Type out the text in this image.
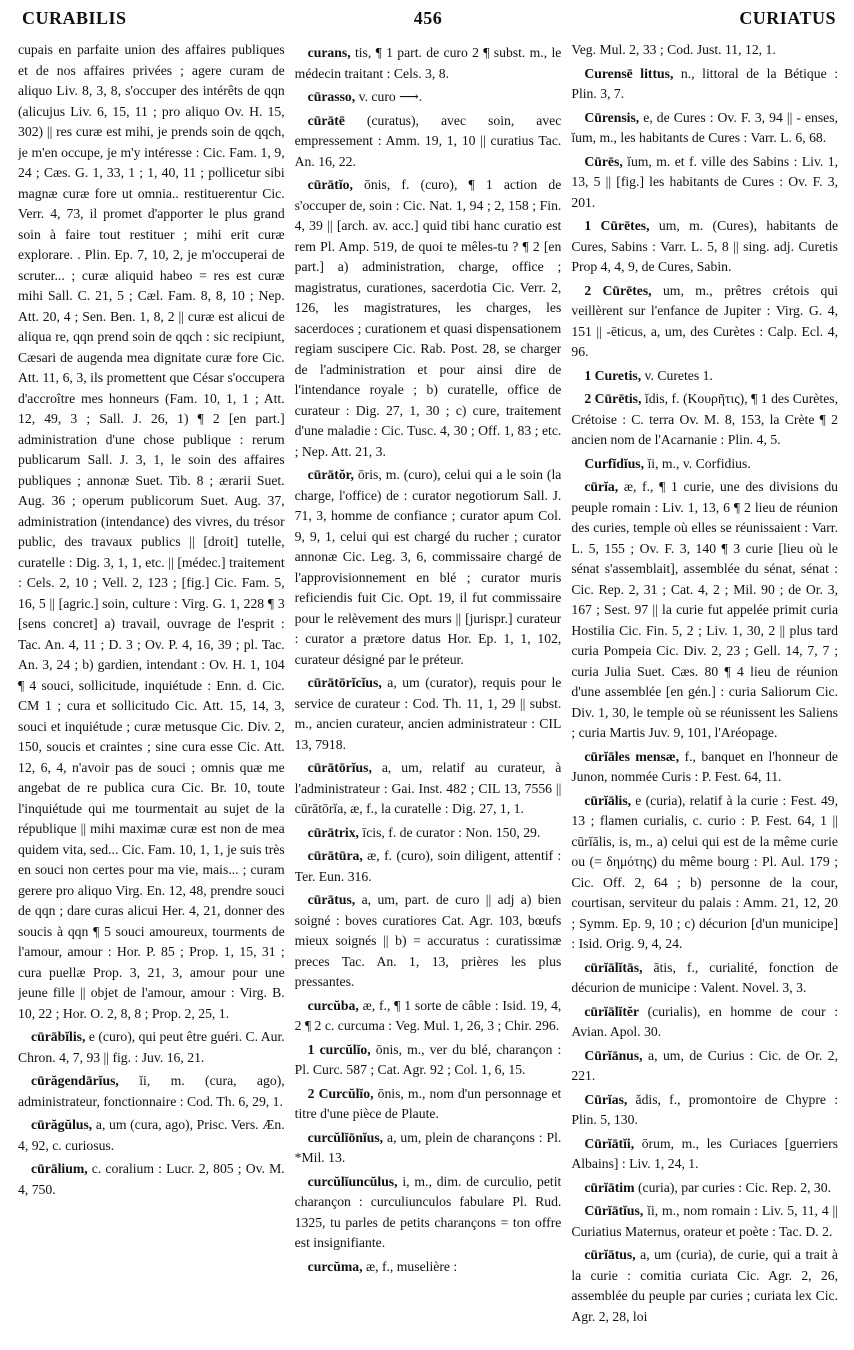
CURABILIS	456	CURIATUS

cupais en parfaite union des affaires publiques et de nos affaires privées ; agere curam de aliquo Liv. 8, 3, 8, s'occuper des intérêts de qqn (alicujus Liv. 6, 15, 11 ; pro aliquo Ov. H. 15, 302) || res curæ est mihi, je prends soin de qqch, je m'en occupe, je m'y intéresse : Cic. Fam. 1, 9, 24 ; Cæs. G. 1, 33, 1 ; 1, 40, 11 ; pollicetur sibi magnæ curæ fore ut omnia.. restituerentur Cic. Verr. 4, 73, il promet d'apporter le plus grand soin à faire tout restituer ; mihi erit curæ explorare. . Plin. Ep. 7, 10, 2, je m'occuperai de scruter... ; curæ aliquid habeo = res est curæ mihi Sall. C. 21, 5 ; Cæl. Fam. 8, 8, 10 ; Nep. Att. 20, 4 ; Sen. Ben. 1, 8, 2 || curæ est alicui de aliqua re, qqn prend soin de qqch : sic recipiunt, Cæsari de augenda mea dignitate curæ fore Cic. Att. 11, 6, 3, ils promettent que César s'occupera d'accroître mes honneurs (Fam. 10, 1, 1 ; Att. 12, 49, 3 ; Sall. J. 26, 1) ¶ 2 [en part.] administration d'une chose publique : rerum publicarum Sall. J. 3, 1, le soin des affaires publiques ; annonæ Suet. Tib. 8 ; ærarii Suet. Aug. 36 ; operum publicorum Suet. Aug. 37, administration (intendance) des vivres, du trésor public, des travaux publics || [droit] tutelle, curatelle : Dig. 3, 1, 1, etc. || [médec.] traitement : Cels. 2, 10 ; Vell. 2, 123 ; [fig.] Cic. Fam. 5, 16, 5 || [agric.] soin, culture : Virg. G. 1, 228 ¶ 3 [sens concret] a) travail, ouvrage de l'esprit : Tac. An. 4, 11 ; D. 3 ; Ov. P. 4, 16, 39 ; pl. Tac. An. 3, 24 ; b) gardien, intendant : Ov. H. 1, 104 ¶ 4 souci, sollicitude, inquiétude : Enn. d. Cic. CM 1 ; cura et sollicitudo Cic. Att. 15, 14, 3, souci et inquiétude ; curæ metusque Cic. Div. 2, 150, soucis et craintes ; sine cura esse Cic. Att. 12, 6, 4, n'avoir pas de souci ; omnis quæ me angebat de re publica cura Cic. Br. 10, toute l'inquiétude qui me tourmentait au sujet de la république || mihi maximæ curæ est non de mea quidem vita, sed... Cic. Fam. 10, 1, 1, je suis très en souci non certes pour ma vie, mais... ; curam gerere pro aliquo Virg. En. 12, 48, prendre souci de qqn ; dare curas alicui Her. 4, 21, donner des soucis à qqn ¶ 5 souci amoureux, tourments de l'amour, amour : Hor. P. 85 ; Prop. 1, 15, 31 ; cura puellæ Prop. 3, 21, 3, amour pour une jeune fille || objet de l'amour, amour : Virg. B. 10, 22 ; Hor. O. 2, 8, 8 ; Prop. 2, 25, 1.

cūrābĭlis, e (curo), qui peut être guéri. C. Aur. Chron. 4, 7, 93 || fig. : Juv. 16, 21.

cūrăgendārĭus, ĭi, m. (cura, ago), administrateur, fonctionnaire : Cod. Th. 6, 29, 1.

cūrăgŭlus, a, um (cura, ago), Prisc. Vers. Æn. 4, 92, c. curiosus.

cūrālium, c. coralium : Lucr. 2, 805 ; Ov. M. 4, 750.

curans, tis, ¶ 1 part. de curo 2 ¶ subst. m., le médecin traitant : Cels. 3, 8.

cūrasso, v. curo ⟶.

cūrātē (curatus), avec soin, avec empressement : Amm. 19, 1, 10 || curatius Tac. An. 16, 22.

cūrātĭo, ōnis, f. (curo), ¶ 1 action de s'occuper de, soin : Cic. Nat. 1, 94 ; 2, 158 ; Fin. 4, 39 || [arch. av. acc.] quid tibi hanc curatio est rem Pl. Amp. 519, de quoi te mêles-tu ? ¶ 2 [en part.] a) administration, charge, office ; magistratus, curationes, sacerdotia Cic. Verr. 2, 126, les magistratures, les charges, les sacerdoces ; curationem et quasi dispensationem regiam suscipere Cic. Rab. Post. 28, se charger de l'administration et pour ainsi dire de l'intendance royale ; b) curatelle, office de curateur : Dig. 27, 1, 30 ; c) cure, traitement d'une maladie : Cic. Tusc. 4, 30 ; Off. 1, 83 ; etc. ; Nep. Att. 21, 3.

cūrātŏr, ōris, m. (curo), celui qui a le soin (la charge, l'office) de : curator negotiorum Sall. J. 71, 3, homme de confiance ; curator apum Col. 9, 9, 1, celui qui est chargé du rucher ; curator annonæ Cic. Leg. 3, 6, commissaire chargé de l'approvisionnement en blé ; curator muris reficiendis fuit Cic. Opt. 19, il fut commissaire pour le relèvement des murs || [jurispr.] curateur : curator a prætore datus Hor. Ep. 1, 1, 102, curateur désigné par le préteur.

cūrātōrĭcĭus, a, um (curator), requis pour le service de curateur : Cod. Th. 11, 1, 29 || subst. m., ancien curateur, ancien administrateur : CIL 13, 7918.

cūrātōrĭus, a, um, relatif au curateur, à l'administrateur : Gai. Inst. 482 ; CIL 13, 7556 || cūrātōrĭa, æ, f., la curatelle : Dig. 27, 1, 1.

cūrātrix, īcis, f. de curator : Non. 150, 29.

cūrātūra, æ, f. (curo), soin diligent, attentif : Ter. Eun. 316.

cūrātus, a, um, part. de curo || adj a) bien soigné : boves curatiores Cat. Agr. 103, bœufs mieux soignés || b) = accuratus : curatissimæ preces Tac. An. 1, 13, prières les plus pressantes.

curcŭba, æ, f., ¶ 1 sorte de câble : Isid. 19, 4, 2 ¶ 2 c. curcuma : Veg. Mul. 1, 26, 3 ; Chir. 296.

1 curcŭlĭo, ōnis, m., ver du blé, charançon : Pl. Curc. 587 ; Cat. Agr. 92 ; Col. 1, 6, 15.

2 Curcŭlĭo, ōnis, m., nom d'un personnage et titre d'une pièce de Plaute.

curcŭlĭōnĭus, a, um, plein de charançons : Pl. *Mil. 13.

curcŭlĭuncŭlus, i, m., dim. de curculio, petit charançon : curculiunculos fabulare Pl. Rud. 1325, tu parles de petits charançons = ton offre est insignifiante.

curcŭma, æ, f., muselière :

Veg. Mul. 2, 33 ; Cod. Just. 11, 12, 1.

Curensē littus, n., littoral de la Bétique : Plin. 3, 7.

Cūrensis, e, de Cures : Ov. F. 3, 94 || - enses, ĭum, m., les habitants de Cures : Varr. L. 6, 68.

Cūrēs, ĭum, m. et f. ville des Sabins : Liv. 1, 13, 5 || [fig.] les habitants de Cures : Ov. F. 3, 201.

1 Cūrētes, um, m. (Cures), habitants de Cures, Sabins : Varr. L. 5, 8 || sing. adj. Curetis Prop 4, 4, 9, de Cures, Sabin.

2 Cūrētes, um, m., prêtres crétois qui veillèrent sur l'enfance de Jupiter : Virg. G. 4, 151 || -ēticus, a, um, des Curètes : Calp. Ecl. 4, 96.

1 Curetis, v. Curetes 1.

2 Cūrētis, ĭdis, f. (Κουρῆτις), ¶ 1 des Curètes, Crétoise : C. terra Ov. M. 8, 153, la Crète ¶ 2 ancien nom de l'Acarnanie : Plin. 4, 5.

Curfĭdĭus, ĭi, m., v. Corfidius.

cūrĭa, æ, f., ¶ 1 curie, une des divisions du peuple romain : Liv. 1, 13, 6 ¶ 2 lieu de réunion des curies, temple où elles se réunissaient : Varr. L. 5, 155 ; Ov. F. 3, 140 ¶ 3 curie [lieu où le sénat s'assemblait], assemblée du sénat, sénat : Cic. Rep. 2, 31 ; Cat. 4, 2 ; Mil. 90 ; de Or. 3, 167 ; Sest. 97 || la curie fut appelée primit curia Hostilia Cic. Fin. 5, 2 ; Liv. 1, 30, 2 || plus tard curia Pompeia Cic. Div. 2, 23 ; Gell. 14, 7, 7 ; curia Julia Suet. Cæs. 80 ¶ 4 lieu de réunion d'une assemblée [en gén.] : curia Saliorum Cic. Div. 1, 30, le temple où se réunissent les Saliens ; curia Martis Juv. 9, 101, l'Aréopage.

cūrĭāles mensæ, f., banquet en l'honneur de Junon, nommée Curis : P. Fest. 64, 11.

cūrĭālis, e (curia), relatif à la curie : Fest. 49, 13 ; flamen curialis, c. curio : P. Fest. 64, 1 || cūrĭālis, is, m., a) celui qui est de la même curie ou (= δημότης) du même bourg : Pl. Aul. 179 ; Cic. Off. 2, 64 ; b) personne de la cour, courtisan, serviteur du palais : Amm. 21, 12, 20 ; Symm. Ep. 9, 10 ; c) décurion [d'un municipe] : Isid. Orig. 9, 4, 24.

cūrĭālĭtās, ātis, f., curialité, fonction de décurion de municipe : Valent. Novel. 3, 3.

cūrĭālĭtĕr (curialis), en homme de cour : Avian. Apol. 30.

Cūrĭānus, a, um, de Curius : Cic. de Or. 2, 221.

Cūrĭas, ădis, f., promontoire de Chypre : Plin. 5, 130.

Cūrĭātĭi, ōrum, m., les Curiaces [guerriers Albains] : Liv. 1, 24, 1.

cūrĭātim (curia), par curies : Cic. Rep. 2, 30.

Cūrĭātĭus, ĭi, m., nom romain : Liv. 5, 11, 4 || Curiatius Maternus, orateur et poète : Tac. D. 2.

cūrĭātus, a, um (curia), de curie, qui a trait à la curie : comitia curiata Cic. Agr. 2, 26, assemblée du peuple par curies ; curiata lex Cic. Agr. 2, 28, loi
